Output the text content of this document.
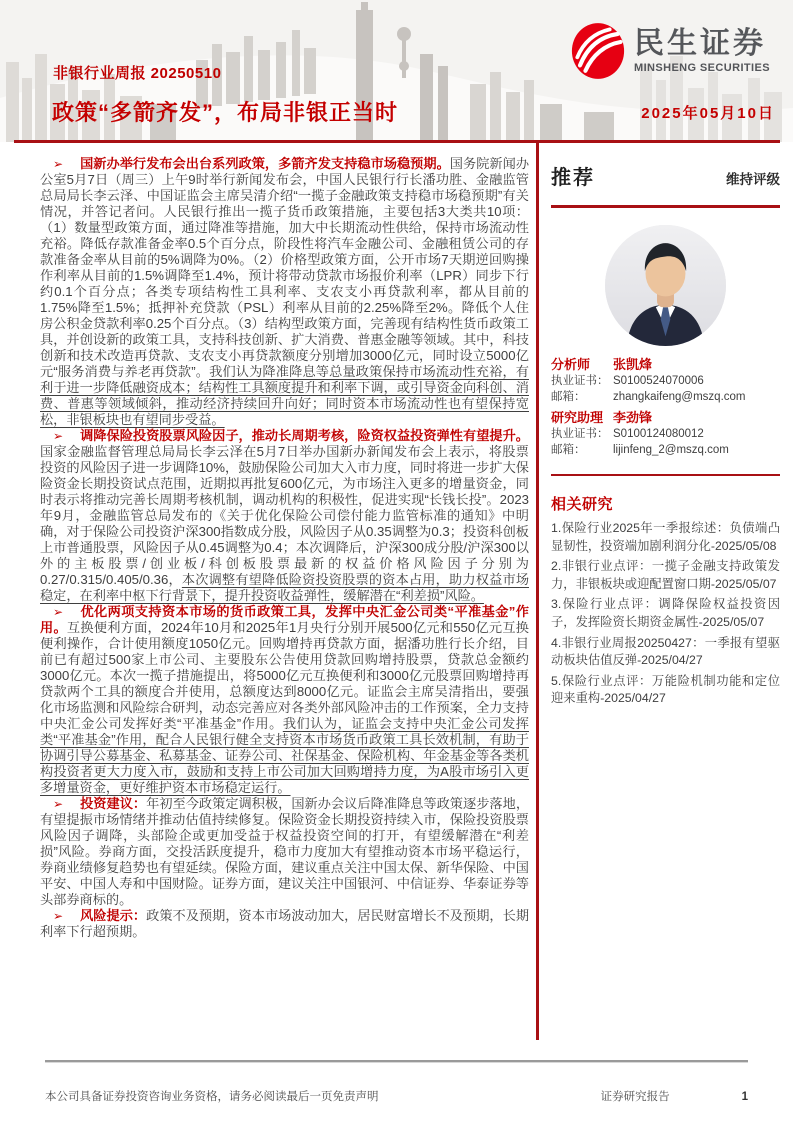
民生证券
MINSHENG SECURITIES
非银行业周报 20250510
政策“多箭齐发”，布局非银正当时	2025年05月10日

➢ 国新办举行发布会出台系列政策，多箭齐发支持稳市场稳预期。国务院新闻办公室5月7日（周三）上午9时举行新闻发布会，中国人民银行行长潘功胜、金融监管总局局长李云泽、中国证监会主席吴清介绍“一揽子金融政策支持稳市场稳预期”有关情况，并答记者问。人民银行推出一揽子货币政策措施，主要包括3大类共10项：（1）数量型政策方面，通过降准等措施，加大中长期流动性供给，保持市场流动性充裕。降低存款准备金率0.5个百分点，阶段性将汽车金融公司、金融租赁公司的存款准备金率从目前的5%调降为0%。（2）价格型政策方面，公开市场7天期逆回购操作利率从目前的1.5%调降至1.4%，预计将带动贷款市场报价利率（LPR）同步下行约0.1个百分点；各类专项结构性工具利率、支农支小再贷款利率，都从目前的1.75%降至1.5%；抵押补充贷款（PSL）利率从目前的2.25%降至2%。降低个人住房公积金贷款利率0.25个百分点。（3）结构型政策方面，完善现有结构性货币政策工具，并创设新的政策工具，支持科技创新、扩大消费、普惠金融等领域。其中，科技创新和技术改造再贷款、支农支小再贷款额度分别增加3000亿元，同时设立5000亿元“服务消费与养老再贷款”。我们认为降准降息等总量政策保持市场流动性充裕，有利于进一步降低融资成本；结构性工具额度提升和利率下调，或引导资金向科创、消费、普惠等领域倾斜，推动经济持续回升向好；同时资本市场流动性也有望保持宽松，非银板块也有望同步受益。

➢ 调降保险投资股票风险因子，推动长周期考核，险资权益投资弹性有望提升。国家金融监督管理总局局长李云泽在5月7日举办国新办新闻发布会上表示，将股票投资的风险因子进一步调降10%，鼓励保险公司加大入市力度，同时将进一步扩大保险资金长期投资试点范围，近期拟再批复600亿元，为市场注入更多的增量资金，同时表示将推动完善长周期考核机制，调动机构的积极性，促进实现“长钱长投”。2023年9月，金融监管总局发布的《关于优化保险公司偿付能力监管标准的通知》中明确，对于保险公司投资沪深300指数成分股，风险因子从0.35调整为0.3；投资科创板上市普通股票，风险因子从0.45调整为0.4；本次调降后，沪深300成分股/沪深300以外的主板股票/创业板/科创板股票最新的权益价格风险因子分别为0.27/0.315/0.405/0.36，本次调整有望降低险资投资股票的资本占用，助力权益市场稳定，在利率中枢下行背景下，提升投资收益弹性，缓解潜在“利差损”风险。

➢ 优化两项支持资本市场的货币政策工具，发挥中央汇金公司类“平准基金”作用。互换便利方面，2024年10月和2025年1月央行分别开展500亿元和550亿元互换便利操作，合计使用额度1050亿元。回购增持再贷款方面，据潘功胜行长介绍，目前已有超过500家上市公司、主要股东公告使用贷款回购增持股票，贷款总金额约3000亿元。本次一揽子措施提出，将5000亿元互换便利和3000亿元股票回购增持再贷款两个工具的额度合并使用，总额度达到8000亿元。证监会主席吴清指出，要强化市场监测和风险综合研判，动态完善应对各类外部风险冲击的工作预案，全力支持中央汇金公司发挥好类“平准基金”作用。我们认为，证监会支持中央汇金公司发挥类“平准基金”作用，配合人民银行健全支持资本市场货币政策工具长效机制，有助于协调引导公募基金、私募基金、证券公司、社保基金、保险机构、年金基金等各类机构投资者更大力度入市，鼓励和支持上市公司加大回购增持力度，为A股市场引入更多增量资金，更好维护资本市场稳定运行。

➢ 投资建议：年初至今政策定调积极，国新办会议后降准降息等政策逐步落地，有望提振市场情绪并推动估值持续修复。保险资金长期投资持续入市，保险投资股票风险因子调降，头部险企或更加受益于权益投资空间的打开，有望缓解潜在“利差损”风险。券商方面，交投活跃度提升，稳市力度加大有望推动资本市场平稳运行，券商业绩修复趋势也有望延续。保险方面，建议重点关注中国太保、新华保险、中国平安、中国人寿和中国财险。证券方面，建议关注中国银河、中信证券、华泰证券等头部券商标的。

➢ 风险提示：政策不及预期，资本市场波动加大，居民财富增长不及预期，长期利率下行超预期。

推荐	维持评级
分析师	张凯烽
执业证书： S0100524070006
邮箱：	zhangkaifeng@mszq.com
研究助理 李劲锋
执业证书： S0100124080012
邮箱：	lijinfeng_2@mszq.com
相关研究
1.保险行业2025年一季报综述：负债端凸显韧性，投资端加剧利润分化-2025/05/08
2.非银行业点评：一揽子金融支持政策发力，非银板块或迎配置窗口期-2025/05/07
3.保险行业点评：调降保险权益投资因子，发挥险资长期资金属性-2025/05/07
4.非银行业周报20250427：一季报有望驱动板块估值反弹-2025/04/27
5.保险行业点评：万能险机制功能和定位迎来重构-2025/04/27
本公司具备证券投资咨询业务资格，请务必阅读最后一页免责声明	证券研究报告	1
